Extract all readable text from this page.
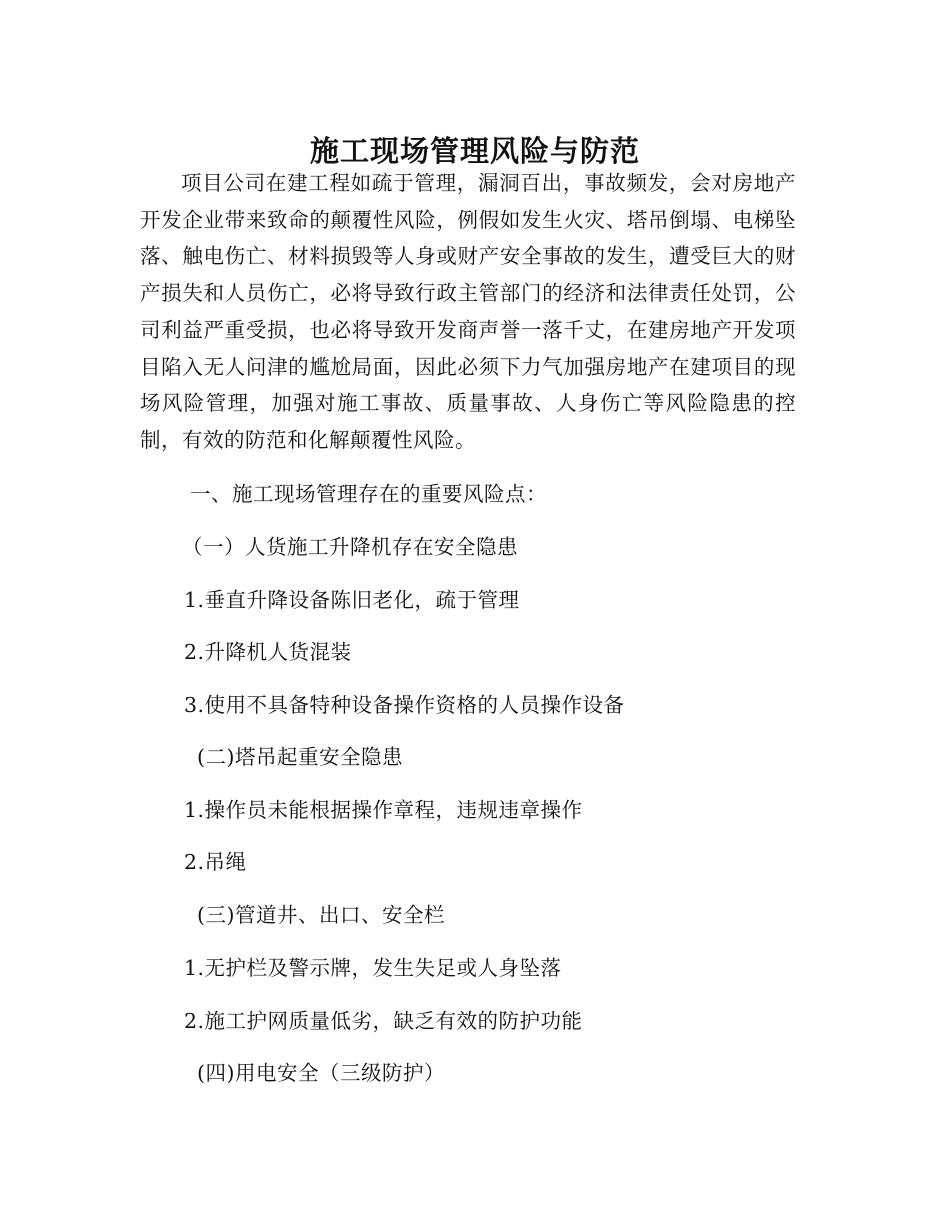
施工现场管理风险与防范

项目公司在建工程如疏于管理，漏洞百出，事故频发，会对房地产开发企业带来致命的颠覆性风险，例假如发生火灾、塔吊倒塌、电梯坠落、触电伤亡、材料损毁等人身或财产安全事故的发生，遭受巨大的财产损失和人员伤亡，必将导致行政主管部门的经济和法律责任处罚，公司利益严重受损，也必将导致开发商声誉一落千丈，在建房地产开发项目陷入无人问津的尴尬局面，因此必须下力气加强房地产在建项目的现场风险管理，加强对施工事故、质量事故、人身伤亡等风险隐患的控制，有效的防范和化解颠覆性风险。

一、施工现场管理存在的重要风险点：

（一）人货施工升降机存在安全隐患

1.垂直升降设备陈旧老化，疏于管理

2.升降机人货混装

3.使用不具备特种设备操作资格的人员操作设备

(二)塔吊起重安全隐患

1.操作员未能根据操作章程，违规违章操作

2.吊绳

(三)管道井、出口、安全栏

1.无护栏及警示牌，发生失足或人身坠落

2.施工护网质量低劣，缺乏有效的防护功能

(四)用电安全（三级防护）
